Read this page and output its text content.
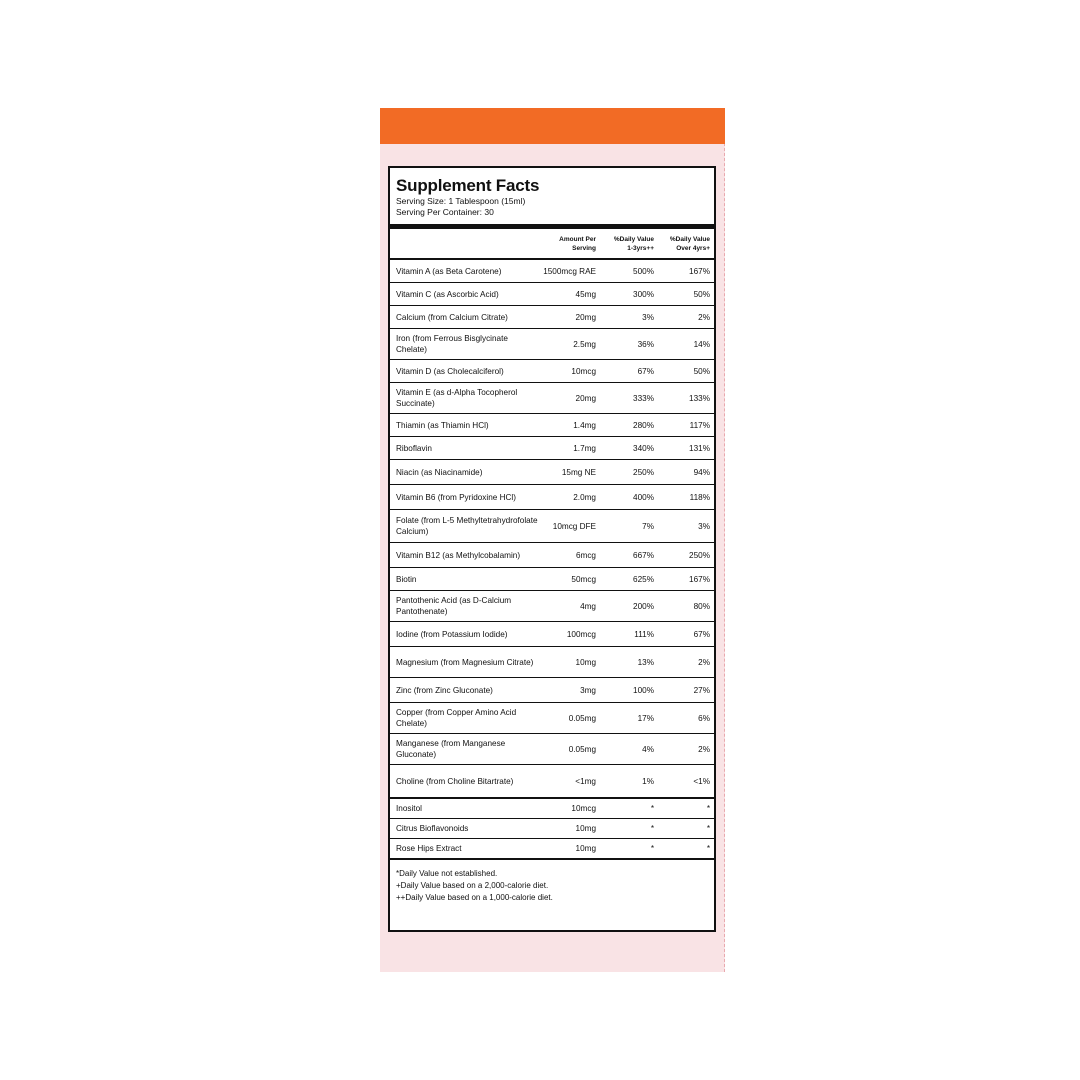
Supplement Facts
Serving Size: 1 Tablespoon (15ml)
Serving Per Container: 30
Amount Per
Serving
%Daily Value
1-3yrs++
%Daily Value
Over 4yrs+
Vitamin A (as Beta Carotene)	1500mcg RAE	500%	167%
Vitamin C (as Ascorbic Acid)	45mg	300%	50%
Calcium (from Calcium Citrate)	20mg	3%	2%
Iron (from Ferrous Bisglycinate Chelate)
2.5mg	36%	14%
Vitamin D (as Cholecalciferol)	10mcg	67%	50%
Vitamin E (as d-Alpha Tocopherol Succinate)
20mg	333%	133%
Thiamin (as Thiamin HCl)	1.4mg	280%	117%
Riboflavin	1.7mg	340%	131%
Niacin (as Niacinamide)	15mg NE	250%	94%
Vitamin B6 (from Pyridoxine HCl)	2.0mg	400%	118%
Folate (from L-5 Methyltetrahydrofolate Calcium)
10mcg DFE	7%	3%
Vitamin B12 (as Methylcobalamin)	6mcg	667%	250%
Biotin	50mcg	625%	167%
Pantothenic Acid (as D-Calcium Pantothenate)
4mg	200%	80%
Iodine (from Potassium Iodide)	100mcg	111%	67%
Magnesium (from Magnesium Citrate)	10mg	13%	2%
Zinc (from Zinc Gluconate)	3mg	100%	27%
Copper (from Copper Amino Acid Chelate)
0.05mg	17%	6%
Manganese (from Manganese Gluconate)
0.05mg	4%	2%
Choline (from Choline Bitartrate)	<1mg	1%	<1%
Inositol	10mcg	*	*
Citrus Bioflavonoids	10mg	*	*
Rose Hips Extract	10mg	*	*
*Daily Value not established.
+Daily Value based on a 2,000-calorie diet.
++Daily Value based on a 1,000-calorie diet.
